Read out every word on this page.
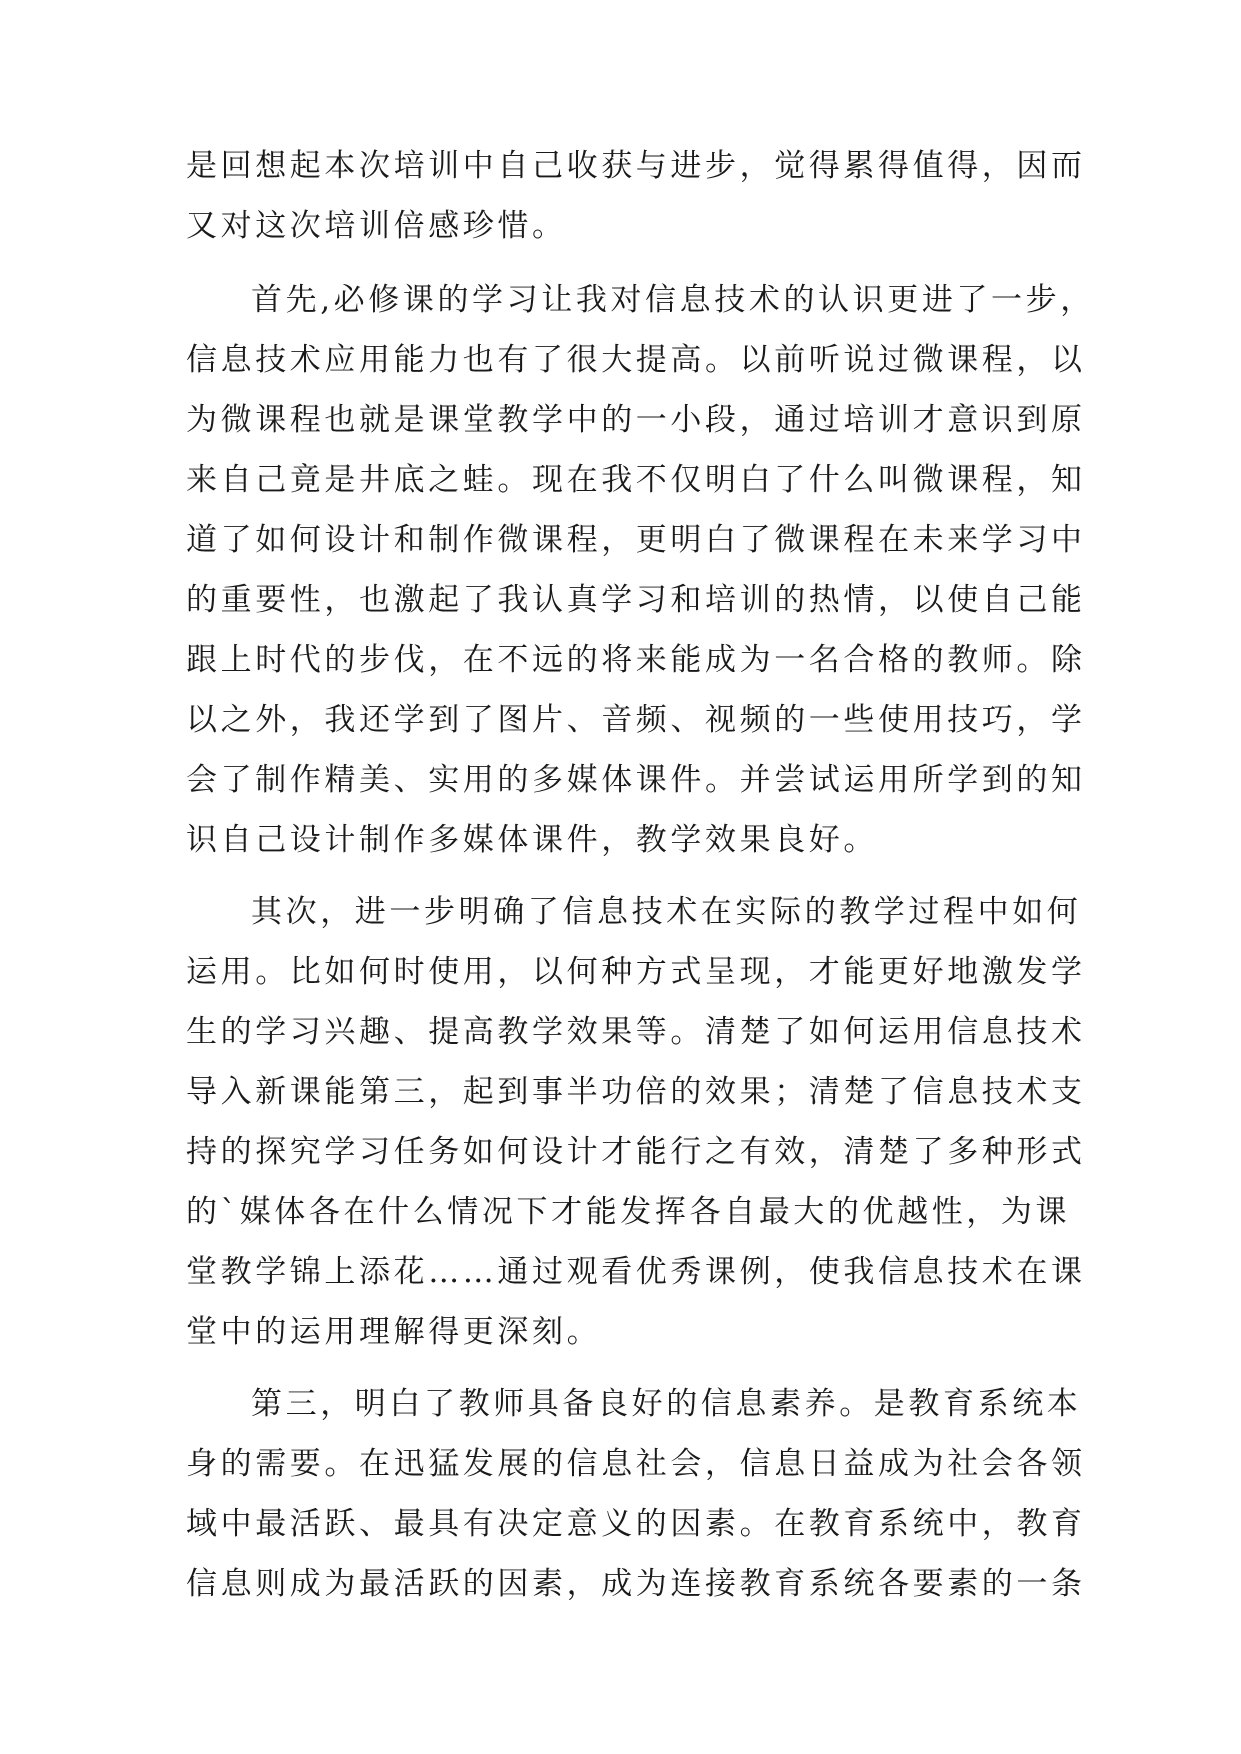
是回想起本次培训中自己收获与进步，觉得累得值得，因而
又对这次培训倍感珍惜。
首先,必修课的学习让我对信息技术的认识更进了一步，
信息技术应用能力也有了很大提高。以前听说过微课程，以
为微课程也就是课堂教学中的一小段，通过培训才意识到原
来自己竟是井底之蛙。现在我不仅明白了什么叫微课程，知
道了如何设计和制作微课程，更明白了微课程在未来学习中
的重要性，也激起了我认真学习和培训的热情，以使自己能
跟上时代的步伐，在不远的将来能成为一名合格的教师。除
以之外，我还学到了图片、音频、视频的一些使用技巧，学
会了制作精美、实用的多媒体课件。并尝试运用所学到的知
识自己设计制作多媒体课件，教学效果良好。
其次，进一步明确了信息技术在实际的教学过程中如何
运用。比如何时使用，以何种方式呈现，才能更好地激发学
生的学习兴趣、提高教学效果等。清楚了如何运用信息技术
导入新课能第三，起到事半功倍的效果；清楚了信息技术支
持的探究学习任务如何设计才能行之有效，清楚了多种形式
的`媒体各在什么情况下才能发挥各自最大的优越性，为课
堂教学锦上添花……通过观看优秀课例，使我信息技术在课
堂中的运用理解得更深刻。
第三，明白了教师具备良好的信息素养。是教育系统本
身的需要。在迅猛发展的信息社会，信息日益成为社会各领
域中最活跃、最具有决定意义的因素。在教育系统中，教育
信息则成为最活跃的因素，成为连接教育系统各要素的一条
